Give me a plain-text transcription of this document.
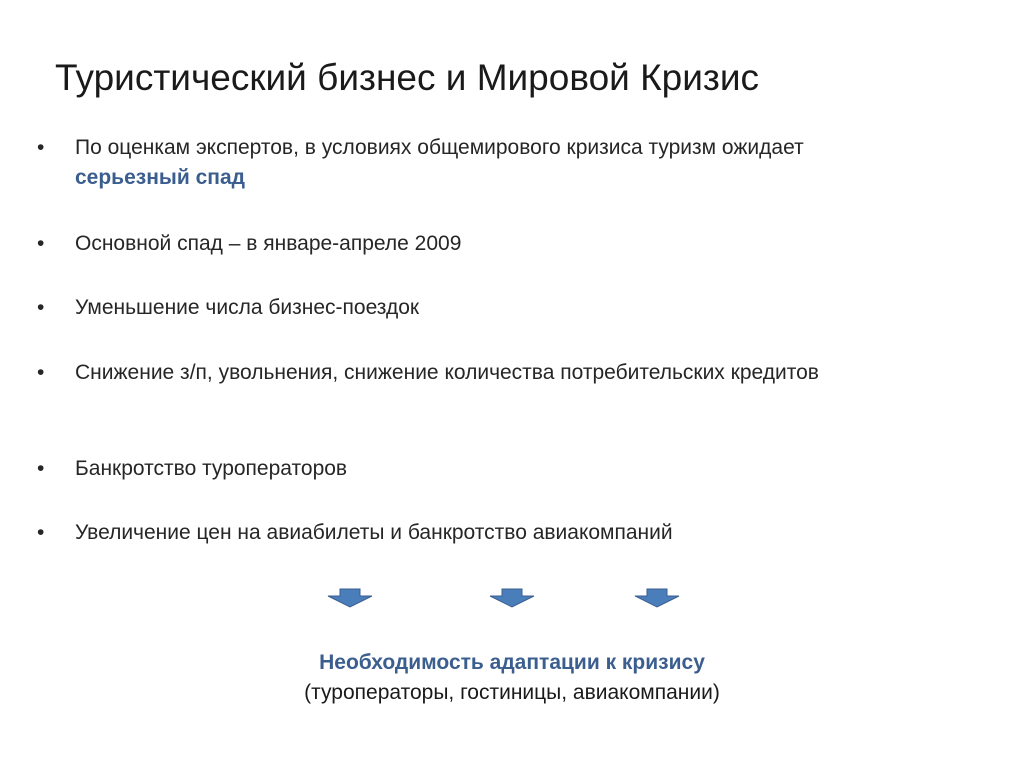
Туристический бизнес и Мировой Кризис
• По оценкам экспертов, в условиях общемирового кризиса туризм ожидает серьезный спад
• Основной спад – в январе-апреле 2009
• Уменьшение числа бизнес-поездок
• Снижение з/п, увольнения, снижение количества потребительских кредитов
• Банкротство туроператоров
• Увеличение цен на авиабилеты и банкротство авиакомпаний
Необходимость адаптации к кризису
(туроператоры, гостиницы, авиакомпании)
